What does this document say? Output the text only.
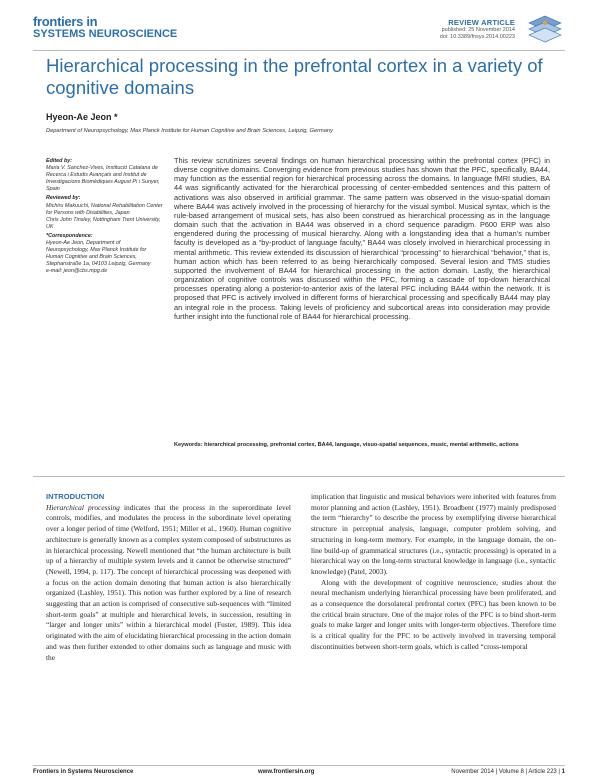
frontiers in
SYSTEMS NEUROSCIENCE
REVIEW ARTICLE
published: 25 November 2014
doi: 10.3389/fnsys.2014.00223
Hierarchical processing in the prefrontal cortex in a variety of cognitive domains
Hyeon-Ae Jeon *
Department of Neuropsychology, Max Planck Institute for Human Cognitive and Brain Sciences, Leipzig, Germany
Edited by:
Maria V. Sanchez-Vives, Institució Catalana de Recerca i Estudis Avançats and Institut de Investigacions Biomèdiques August Pi i Sunyer, Spain
Reviewed by:
Michiru Makuuchi, National Rehabilitation Center for Persons with Disabilities, Japan
Chris John Tinsley, Nottingham Trent University, UK
*Correspondence:
Hyeon-Ae Jeon, Department of Neuropsychology, Max Planck Institute for Human Cognitive and Brain Sciences, Stephanstraße 1a, 04103 Leipzig, Germany
e-mail: jeon@cbs.mpg.de

This review scrutinizes several findings on human hierarchical processing within the prefrontal cortex (PFC) in diverse cognitive domains. Converging evidence from previous studies has shown that the PFC, specifically, BA44, may function as the essential region for hierarchical processing across the domains. In language fMRI studies, BA 44 was significantly activated for the hierarchical processing of center-embedded sentences and this pattern of activations was also observed in artificial grammar. The same pattern was observed in the visuo-spatial domain where BA44 was actively involved in the processing of hierarchy for the visual symbol. Musical syntax, which is the rule-based arrangement of musical sets, has also been construed as hierarchical processing as in the language domain such that the activation in BA44 was observed in a chord sequence paradigm. P600 ERP was also engendered during the processing of musical hierarchy. Along with a longstanding idea that a human’s number faculty is developed as a “by-product of language faculty,” BA44 was closely involved in hierarchical processing in mental arithmetic. This review extended its discussion of hierarchical “processing” to hierarchical “behavior,” that is, human action which has been referred to as being hierarchically composed. Several lesion and TMS studies supported the involvement of BA44 for hierarchical processing in the action domain. Lastly, the hierarchical organization of cognitive controls was discussed within the PFC, forming a cascade of top-down hierarchical processes operating along a posterior-to-anterior axis of the lateral PFC including BA44 within the network. It is proposed that PFC is actively involved in different forms of hierarchical processing and specifically BA44 may play an integral role in the process. Taking levels of proficiency and subcortical areas into consideration may provide further insight into the functional role of BA44 for hierarchical processing.

Keywords: hierarchical processing, prefrontal cortex, BA44, language, visuo-spatial sequences, music, mental arithmetic, actions
INTRODUCTION

Hierarchical processing indicates that the process in the superordinate level controls, modifies, and modulates the process in the subordinate level operating over a longer period of time (Welford, 1951; Miller et al., 1960). Human cognitive architecture is generally known as a complex system composed of substructures as in hierarchical processing. Newell mentioned that “the human architecture is built up of a hierarchy of multiple system levels and it cannot be otherwise structured” (Newell, 1994, p. 117). The concept of hierarchical processing was deepened with a focus on the action domain denoting that human action is also hierarchically organized (Lashley, 1951). This notion was further explored by a line of research suggesting that an action is comprised of consecutive sub-sequences with “limited short-term goals” at multiple and hierarchical levels, in succession, resulting in “larger and longer units” within a hierarchical model (Fuster, 1989). This idea originated with the aim of elucidating hierarchical processing in the action domain and was then further extended to other domains such as language and music with the

implication that linguistic and musical behaviors were inherited with features from motor planning and action (Lashley, 1951). Broadbent (1977) mainly predisposed the term “hierarchy” to describe the process by exemplifying diverse hierarchical structure in perceptual analysis, language, computer problem solving, and structuring in long-term memory. For example, in the language domain, the on-line build-up of grammatical structures (i.e., syntactic processing) is operated in a hierarchical way on the long-term structural knowledge in language (i.e., syntactic knowledge) (Patel, 2003).

Along with the development of cognitive neuroscience, studies about the neural mechanism underlying hierarchical processing have been proliferated, and as a consequence the dorsolateral prefrontal cortex (PFC) has been known to be the critical brain structure. One of the major roles of the PFC is to bind short-term goals to make larger and longer units with longer-term objectives. Therefore time is a critical quality for the PFC to be actively involved in traversing temporal discontinuities between short-term goals, which is called “cross-temporal

Frontiers in Systems Neuroscience	www.frontiersin.org	November 2014 | Volume 8 | Article 223 | 1
